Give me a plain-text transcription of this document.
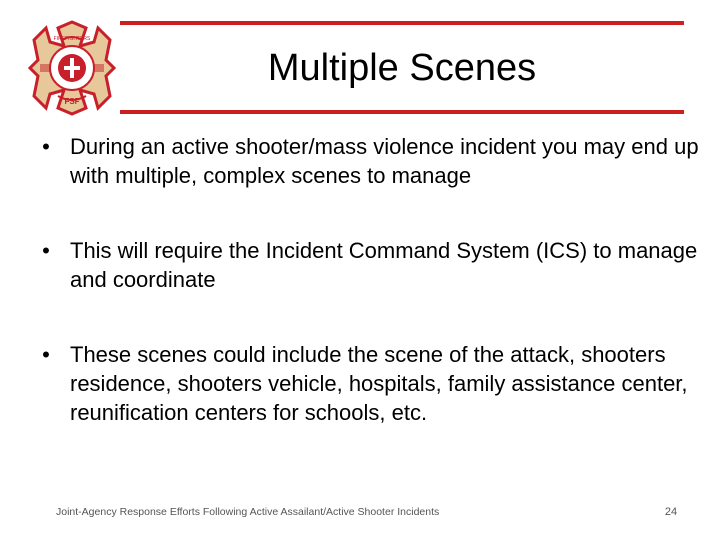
FIREFIGHTERS
FSF
Multiple Scenes
• During an active shooter/mass violence incident you may end up with multiple, complex scenes to manage
• This will require the Incident Command System (ICS) to manage and coordinate
• These scenes could include the scene of the attack, shooters residence, shooters vehicle, hospitals, family assistance center, reunification centers for schools, etc.
Joint-Agency Response Efforts Following Active Assailant/Active Shooter Incidents	24
